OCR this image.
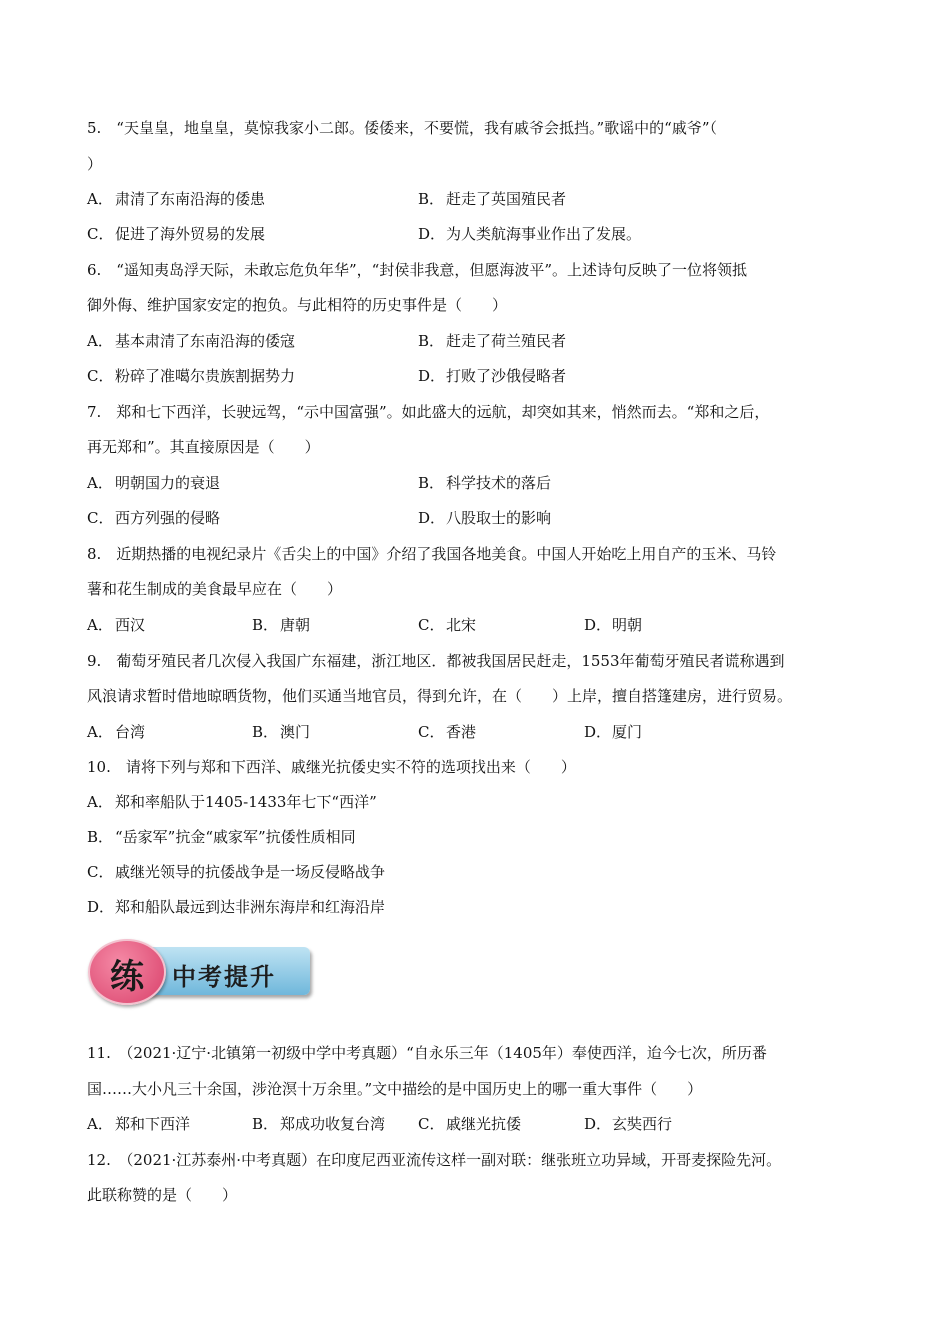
5.　“天皇皇，地皇皇，莫惊我家小二郎。倭倭来，不要慌，我有戚爷会抵挡。”歌谣中的“戚爷”（
）
A． 肃清了东南沿海的倭患	B． 赶走了英国殖民者
C． 促进了海外贸易的发展	D．为人类航海事业作出了发展。
6.　“遥知夷岛浮天际，未敢忘危负年华”，“封侯非我意，但愿海波平”。上述诗句反映了一位将领抵
御外侮、维护国家安定的抱负。与此相符的历史事件是（　　）
A． 基本肃清了东南沿海的倭寇	B． 赶走了荷兰殖民者
C． 粉碎了准噶尔贵族割据势力	D．打败了沙俄侵略者
7.　郑和七下西洋，长驶远驾，“示中国富强”。如此盛大的远航，却突如其来，悄然而去。“郑和之后，
再无郑和”。其直接原因是（　　）
A． 明朝国力的衰退	B． 科学技术的落后
C． 西方列强的侵略	D．八股取士的影响
8.　近期热播的电视纪录片《舌尖上的中国》介绍了我国各地美食。中国人开始吃上用自产的玉米、马铃
薯和花生制成的美食最早应在（　　）
A． 西汉	B． 唐朝	C． 北宋	D．明朝
9.　葡萄牙殖民者几次侵入我国广东福建，浙江地区．都被我国居民赶走，1553年葡萄牙殖民者谎称遇到
风浪请求暂时借地晾晒货物，他们买通当地官员，得到允许，在（　　）上岸，擅自搭篷建房，进行贸易。
A． 台湾	B． 澳门	C． 香港	D．厦门
10.　请将下列与郑和下西洋、戚继光抗倭史实不符的选项找出来（　　）
A． 郑和率船队于1405-1433年七下“西洋”
B． “岳家军”抗金“戚家军”抗倭性质相同
C． 戚继光领导的抗倭战争是一场反侵略战争
D．郑和船队最远到达非洲东海岸和红海沿岸
中考提升
练
11.　（2021·辽宁·北镇第一初级中学中考真题）“自永乐三年（1405年）奉使西洋，迨今七次，所历番
国……大小凡三十余国，涉沧溟十万余里。”文中描绘的是中国历史上的哪一重大事件（　　）
A． 郑和下西洋	B． 郑成功收复台湾 C． 戚继光抗倭	D．玄奘西行
12.　（2021·江苏泰州·中考真题）在印度尼西亚流传这样一副对联：继张班立功异域，开哥麦探险先河。
此联称赞的是（　　）
